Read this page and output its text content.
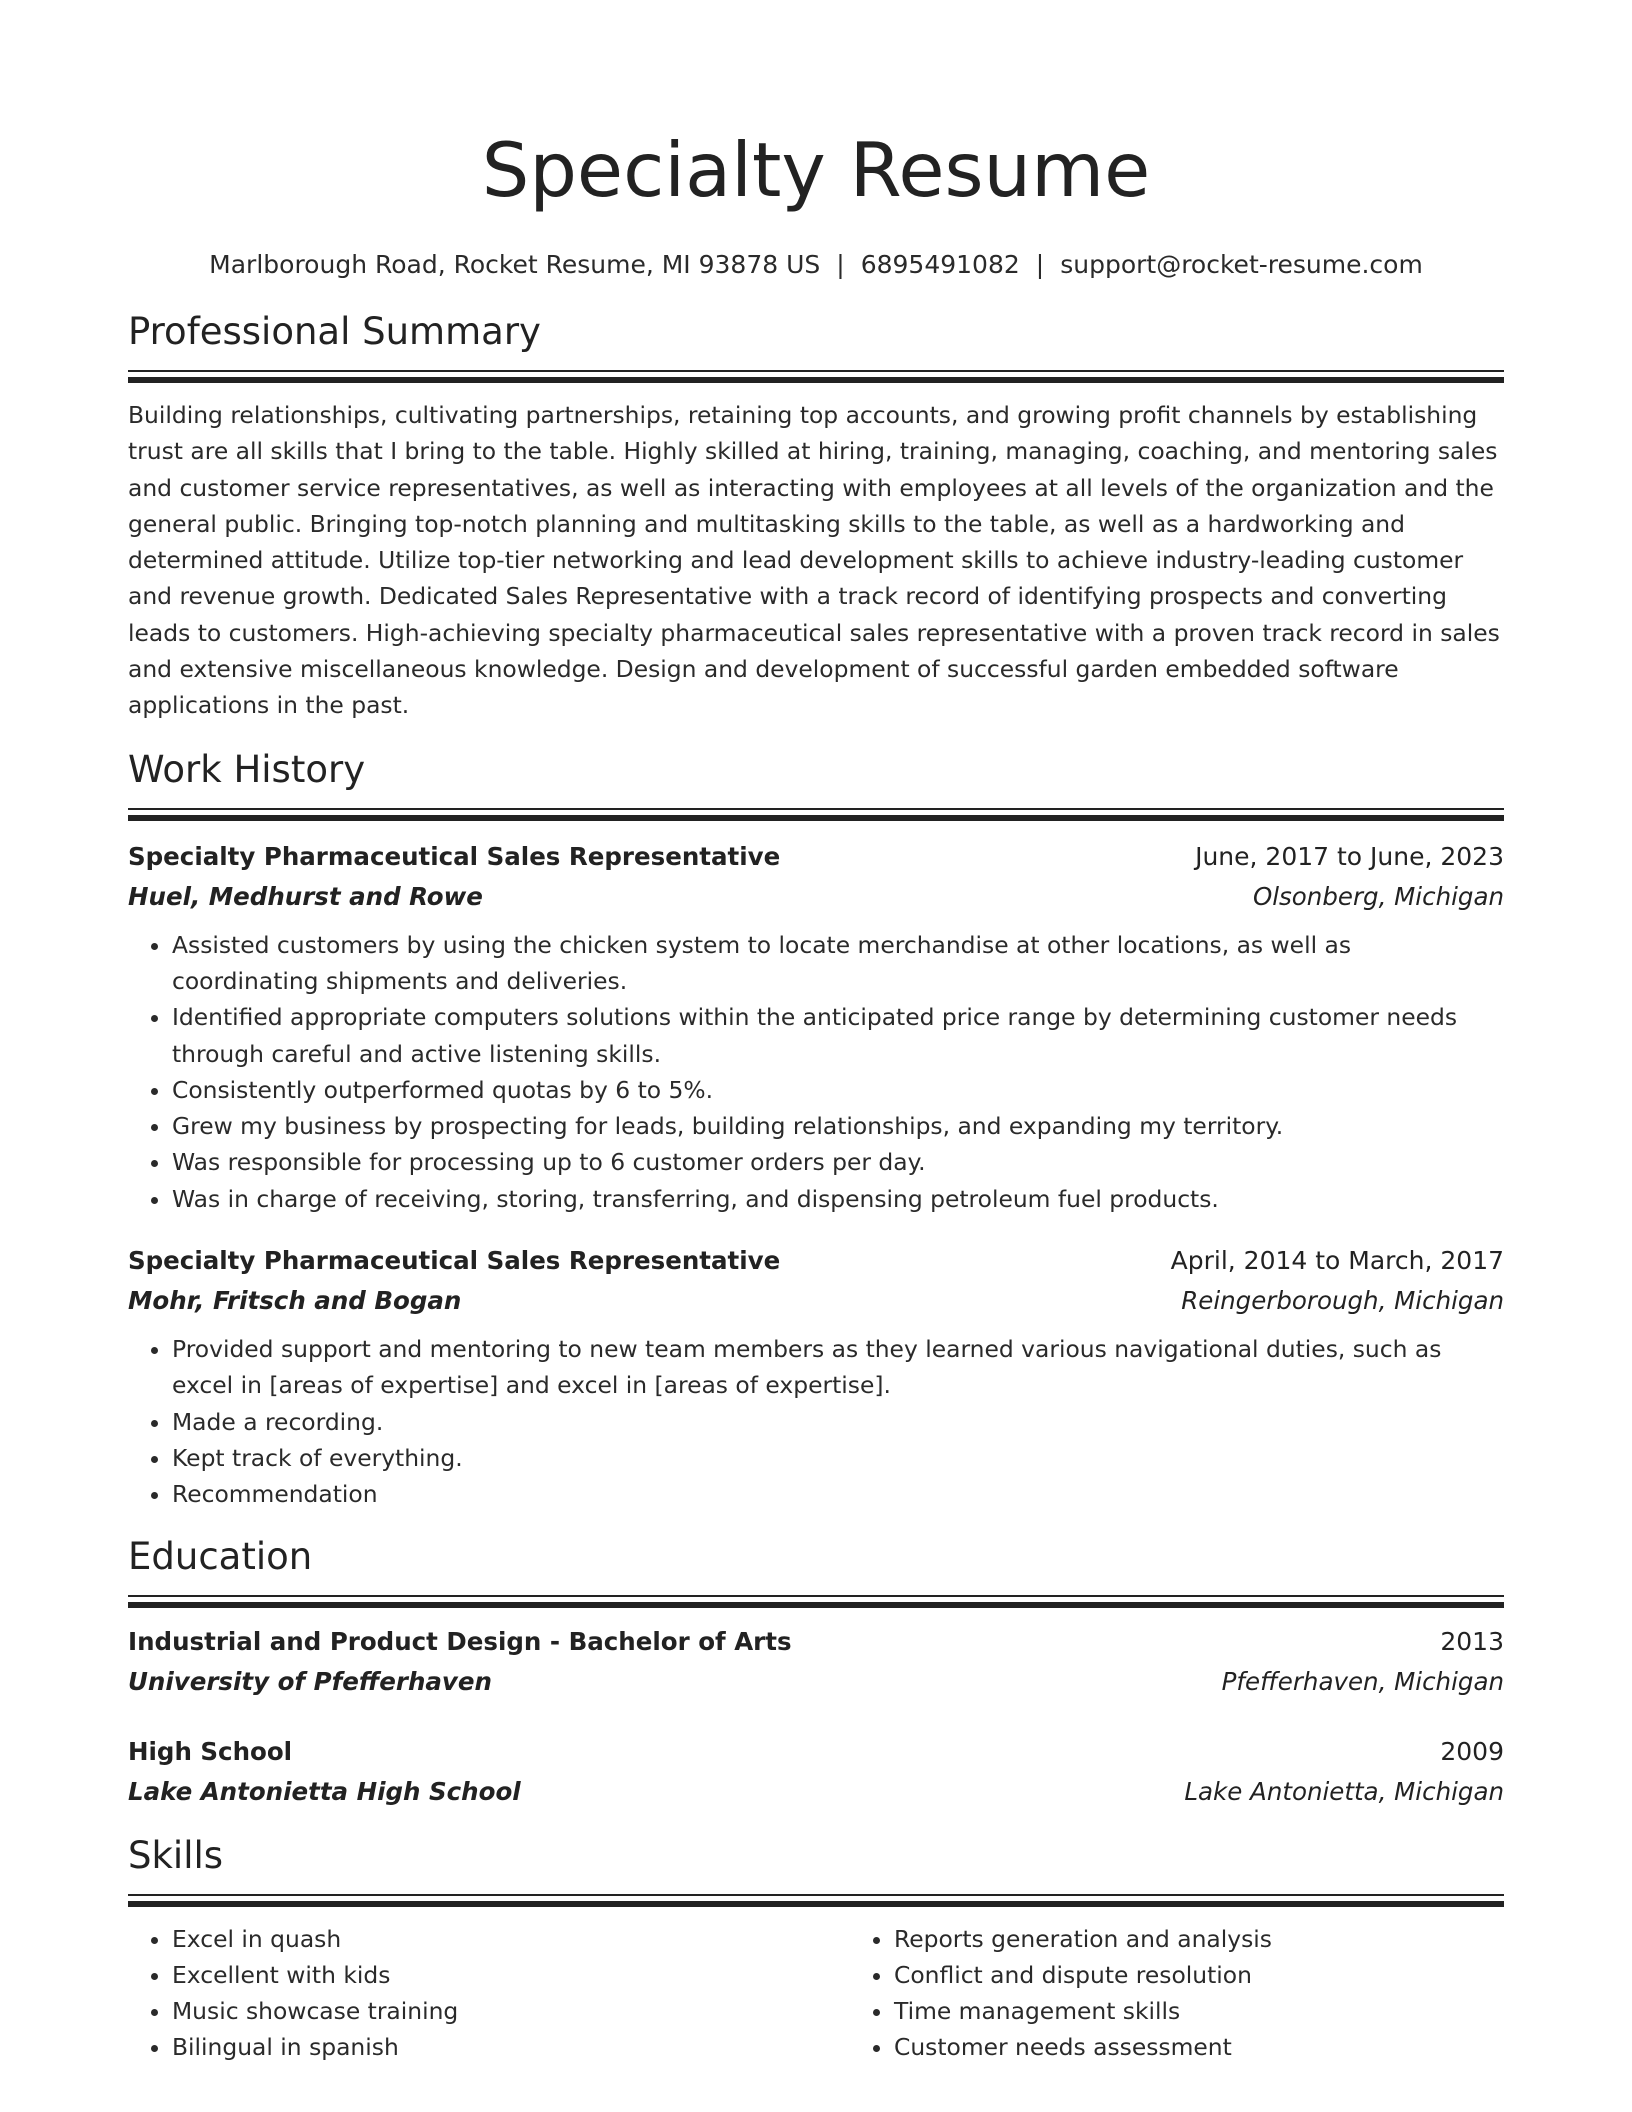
Specialty Resume
Marlborough Road, Rocket Resume, MI 93878 US | 6895491082 | support@rocket-resume.com
Professional Summary
Building relationships, cultivating partnerships, retaining top accounts, and growing profit channels by establishing trust are all skills that I bring to the table. Highly skilled at hiring, training, managing, coaching, and mentoring sales and customer service representatives, as well as interacting with employees at all levels of the organization and the general public. Bringing top-notch planning and multitasking skills to the table, as well as a hardworking and determined attitude. Utilize top-tier networking and lead development skills to achieve industry-leading customer and revenue growth. Dedicated Sales Representative with a track record of identifying prospects and converting leads to customers. High-achieving specialty pharmaceutical sales representative with a proven track record in sales and extensive miscellaneous knowledge. Design and development of successful garden embedded software applications in the past.
Work History
Specialty Pharmaceutical Sales Representative	June, 2017 to June, 2023
Huel, Medhurst and Rowe	Olsonberg, Michigan
• Assisted customers by using the chicken system to locate merchandise at other locations, as well as coordinating shipments and deliveries.
• Identified appropriate computers solutions within the anticipated price range by determining customer needs through careful and active listening skills.
• Consistently outperformed quotas by 6 to 5%.
• Grew my business by prospecting for leads, building relationships, and expanding my territory.
• Was responsible for processing up to 6 customer orders per day.
• Was in charge of receiving, storing, transferring, and dispensing petroleum fuel products.
Specialty Pharmaceutical Sales Representative	April, 2014 to March, 2017
Mohr, Fritsch and Bogan	Reingerborough, Michigan
• Provided support and mentoring to new team members as they learned various navigational duties, such as excel in [areas of expertise] and excel in [areas of expertise].
• Made a recording.
• Kept track of everything.
• Recommendation
Education
Industrial and Product Design - Bachelor of Arts	2013
University of Pfefferhaven	Pfefferhaven, Michigan
High School	2009
Lake Antonietta High School	Lake Antonietta, Michigan
Skills
• Excel in quash
• Excellent with kids
• Music showcase training
• Bilingual in spanish
• Reports generation and analysis
• Conflict and dispute resolution
• Time management skills
• Customer needs assessment
